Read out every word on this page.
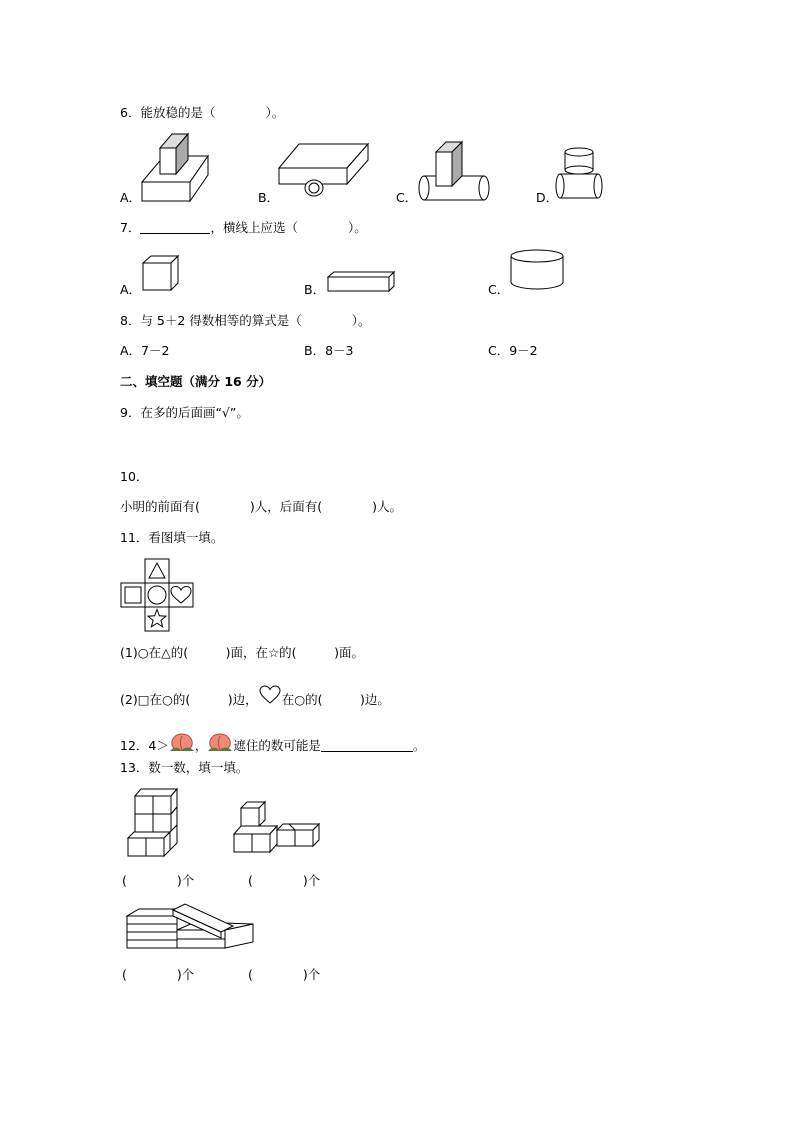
6．能放稳的是（　　　　）。
A．	B．	C．	D．
7．	，横线上应选（　　　　）。
A．	B．	C．
8．与 5＋2 得数相等的算式是（　　　　）。
A．7－2	B．8－3	C．9－2
二、填空题（满分 16 分）
9．在多的后面画“√”。
10．
小明的前面有(　　　　)人，后面有(　　　　)人。
11．看图填一填。
(1)○在△的(　　　)面，在☆的(　　　)面。
(2)□在○的(　　　)边， 在○的(　　　)边。
12．4＞ ， 遮住的数可能是	。
13．数一数，填一填。
(　　　　)个	(　　　　)个
(　　　　)个	(　　　　)个
